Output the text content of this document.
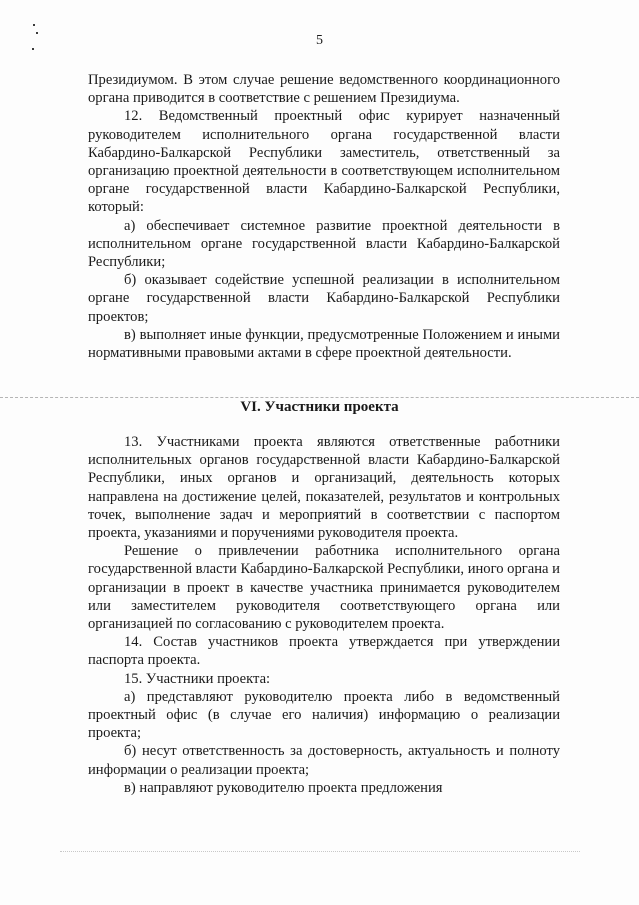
5

Президиумом. В этом случае решение ведомственного координационного органа приводится в соответствие с решением Президиума.

12. Ведомственный проектный офис курирует назначенный руководителем исполнительного органа государственной власти Кабардино-Балкарской Республики заместитель, ответственный за организацию проектной деятельности в соответствующем исполнительном органе государственной власти Кабардино-Балкарской Республики, который:

а) обеспечивает системное развитие проектной деятельности в исполнительном органе государственной власти Кабардино-Балкарской Республики;

б) оказывает содействие успешной реализации в исполнительном органе государственной власти Кабардино-Балкарской Республики проектов;

в) выполняет иные функции, предусмотренные Положением и иными нормативными правовыми актами в сфере проектной деятельности.

VI. Участники проекта

13. Участниками проекта являются ответственные работники исполнительных органов государственной власти Кабардино-Балкарской Республики, иных органов и организаций, деятельность которых направлена на достижение целей, показателей, результатов и контрольных точек, выполнение задач и мероприятий в соответствии с паспортом проекта, указаниями и поручениями руководителя проекта.

Решение о привлечении работника исполнительного органа государственной власти Кабардино-Балкарской Республики, иного органа и организации в проект в качестве участника принимается руководителем или заместителем руководителя соответствующего органа или организацией по согласованию с руководителем проекта.

14. Состав участников проекта утверждается при утверждении паспорта проекта.

15. Участники проекта:

а) представляют руководителю проекта либо в ведомственный проектный офис (в случае его наличия) информацию о реализации проекта;

б) несут ответственность за достоверность, актуальность и полноту информации о реализации проекта;

в) направляют руководителю проекта предложения
